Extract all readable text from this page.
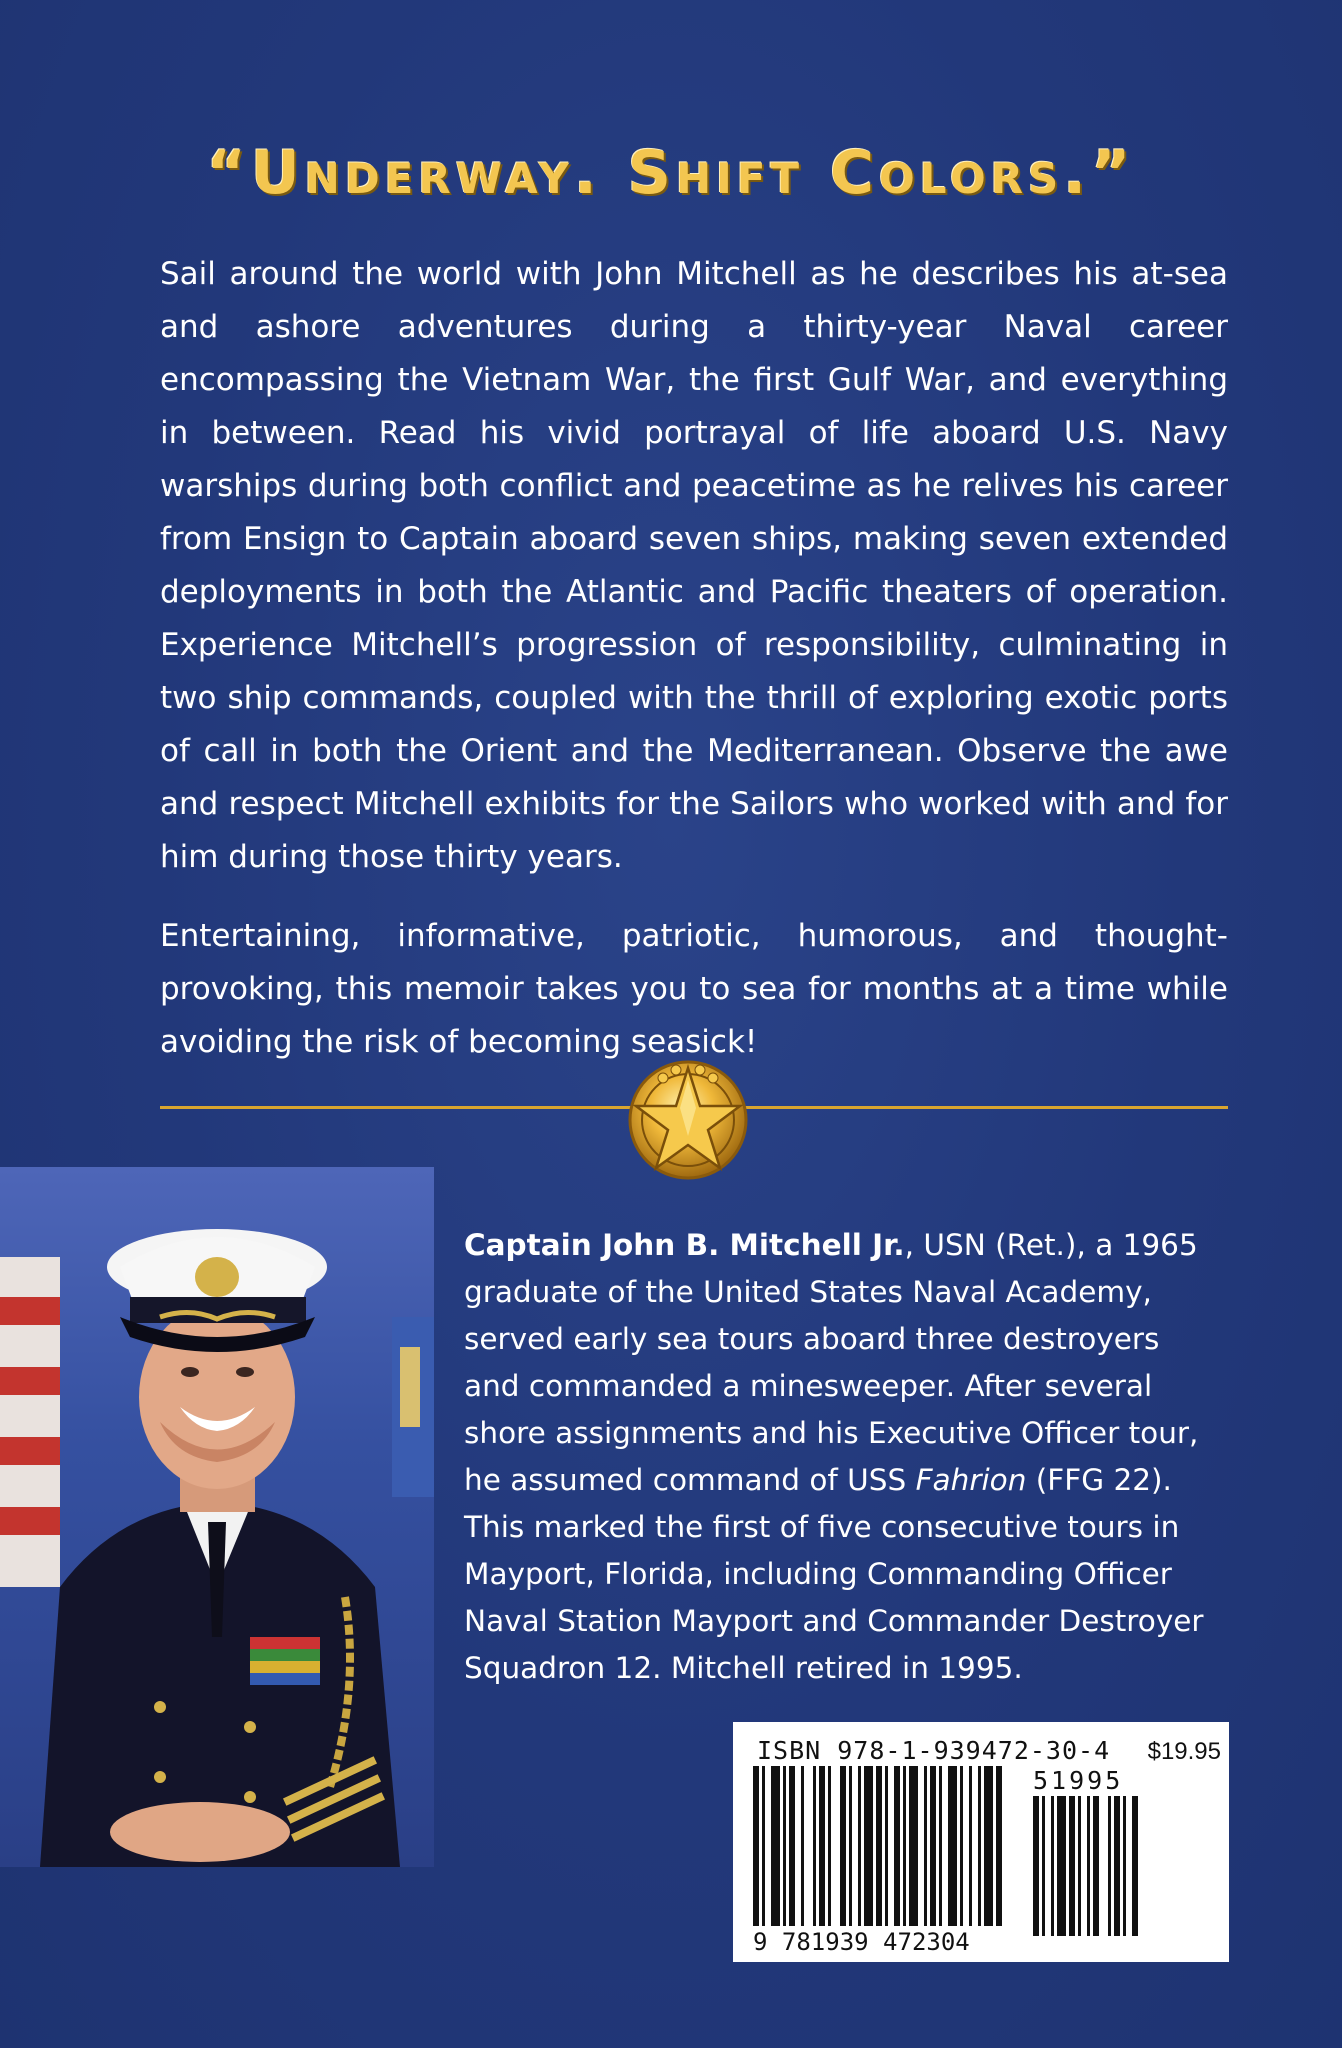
“Underway. Shift Colors.”

Sail around the world with John Mitchell as he describes his at-sea and ashore adventures during a thirty-year Naval career encompassing the Vietnam War, the first Gulf War, and everything in between. Read his vivid portrayal of life aboard U.S. Navy warships during both conflict and peacetime as he relives his career from Ensign to Captain aboard seven ships, making seven extended deployments in both the Atlantic and Pacific theaters of operation. Experience Mitchell’s progression of responsibility, culminating in two ship commands, coupled with the thrill of exploring exotic ports of call in both the Orient and the Mediterranean. Observe the awe and respect Mitchell exhibits for the Sailors who worked with and for him during those thirty years.

Entertaining, informative, patriotic, humorous, and thought-provoking, this memoir takes you to sea for months at a time while avoiding the risk of becoming seasick!

Captain John B. Mitchell Jr., USN (Ret.), a 1965
graduate of the United States Naval Academy,
served early sea tours aboard three destroyers
and commanded a minesweeper. After several
shore assignments and his Executive Officer tour,
he assumed command of USS Fahrion (FFG 22).
This marked the first of five consecutive tours in
Mayport, Florida, including Commanding Officer
Naval Station Mayport and Commander Destroyer
Squadron 12. Mitchell retired in 1995.
ISBN 978-1-939472-30-4 $19.95
51995
9 781939 472304
